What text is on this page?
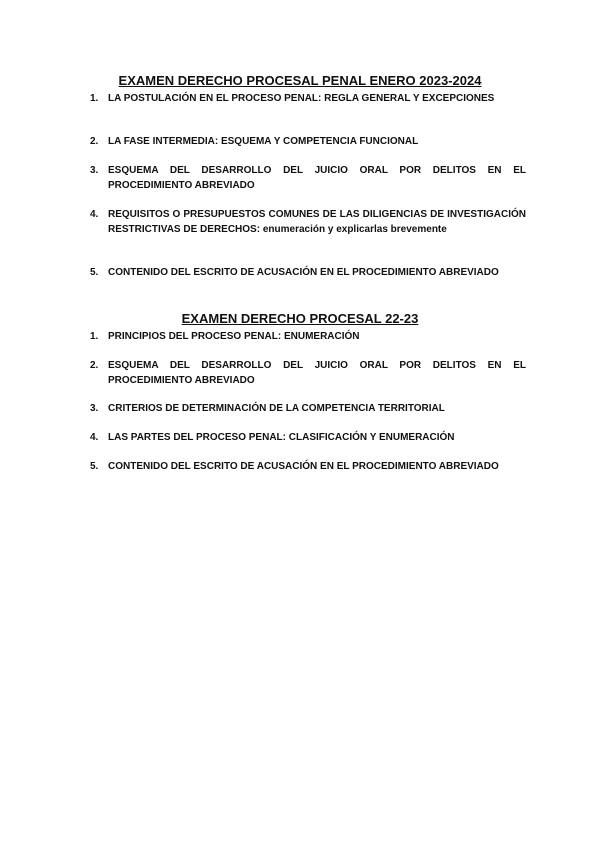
EXAMEN DERECHO PROCESAL PENAL ENERO 2023-2024
1. LA POSTULACIÓN EN EL PROCESO PENAL: REGLA GENERAL Y EXCEPCIONES
2. LA FASE INTERMEDIA: ESQUEMA Y COMPETENCIA FUNCIONAL
3. ESQUEMA DEL DESARROLLO DEL JUICIO ORAL POR DELITOS EN EL PROCEDIMIENTO ABREVIADO
4. REQUISITOS O PRESUPUESTOS COMUNES DE LAS DILIGENCIAS DE INVESTIGACIÓN RESTRICTIVAS DE DERECHOS: enumeración y explicarlas brevemente
5. CONTENIDO DEL ESCRITO DE ACUSACIÓN EN EL PROCEDIMIENTO ABREVIADO
EXAMEN DERECHO PROCESAL 22-23
1. PRINCIPIOS DEL PROCESO PENAL: ENUMERACIÓN
2. ESQUEMA DEL DESARROLLO DEL JUICIO ORAL POR DELITOS EN EL PROCEDIMIENTO ABREVIADO
3. CRITERIOS DE DETERMINACIÓN DE LA COMPETENCIA TERRITORIAL
4. LAS PARTES DEL PROCESO PENAL: CLASIFICACIÓN Y ENUMERACIÓN
5. CONTENIDO DEL ESCRITO DE ACUSACIÓN EN EL PROCEDIMIENTO ABREVIADO
